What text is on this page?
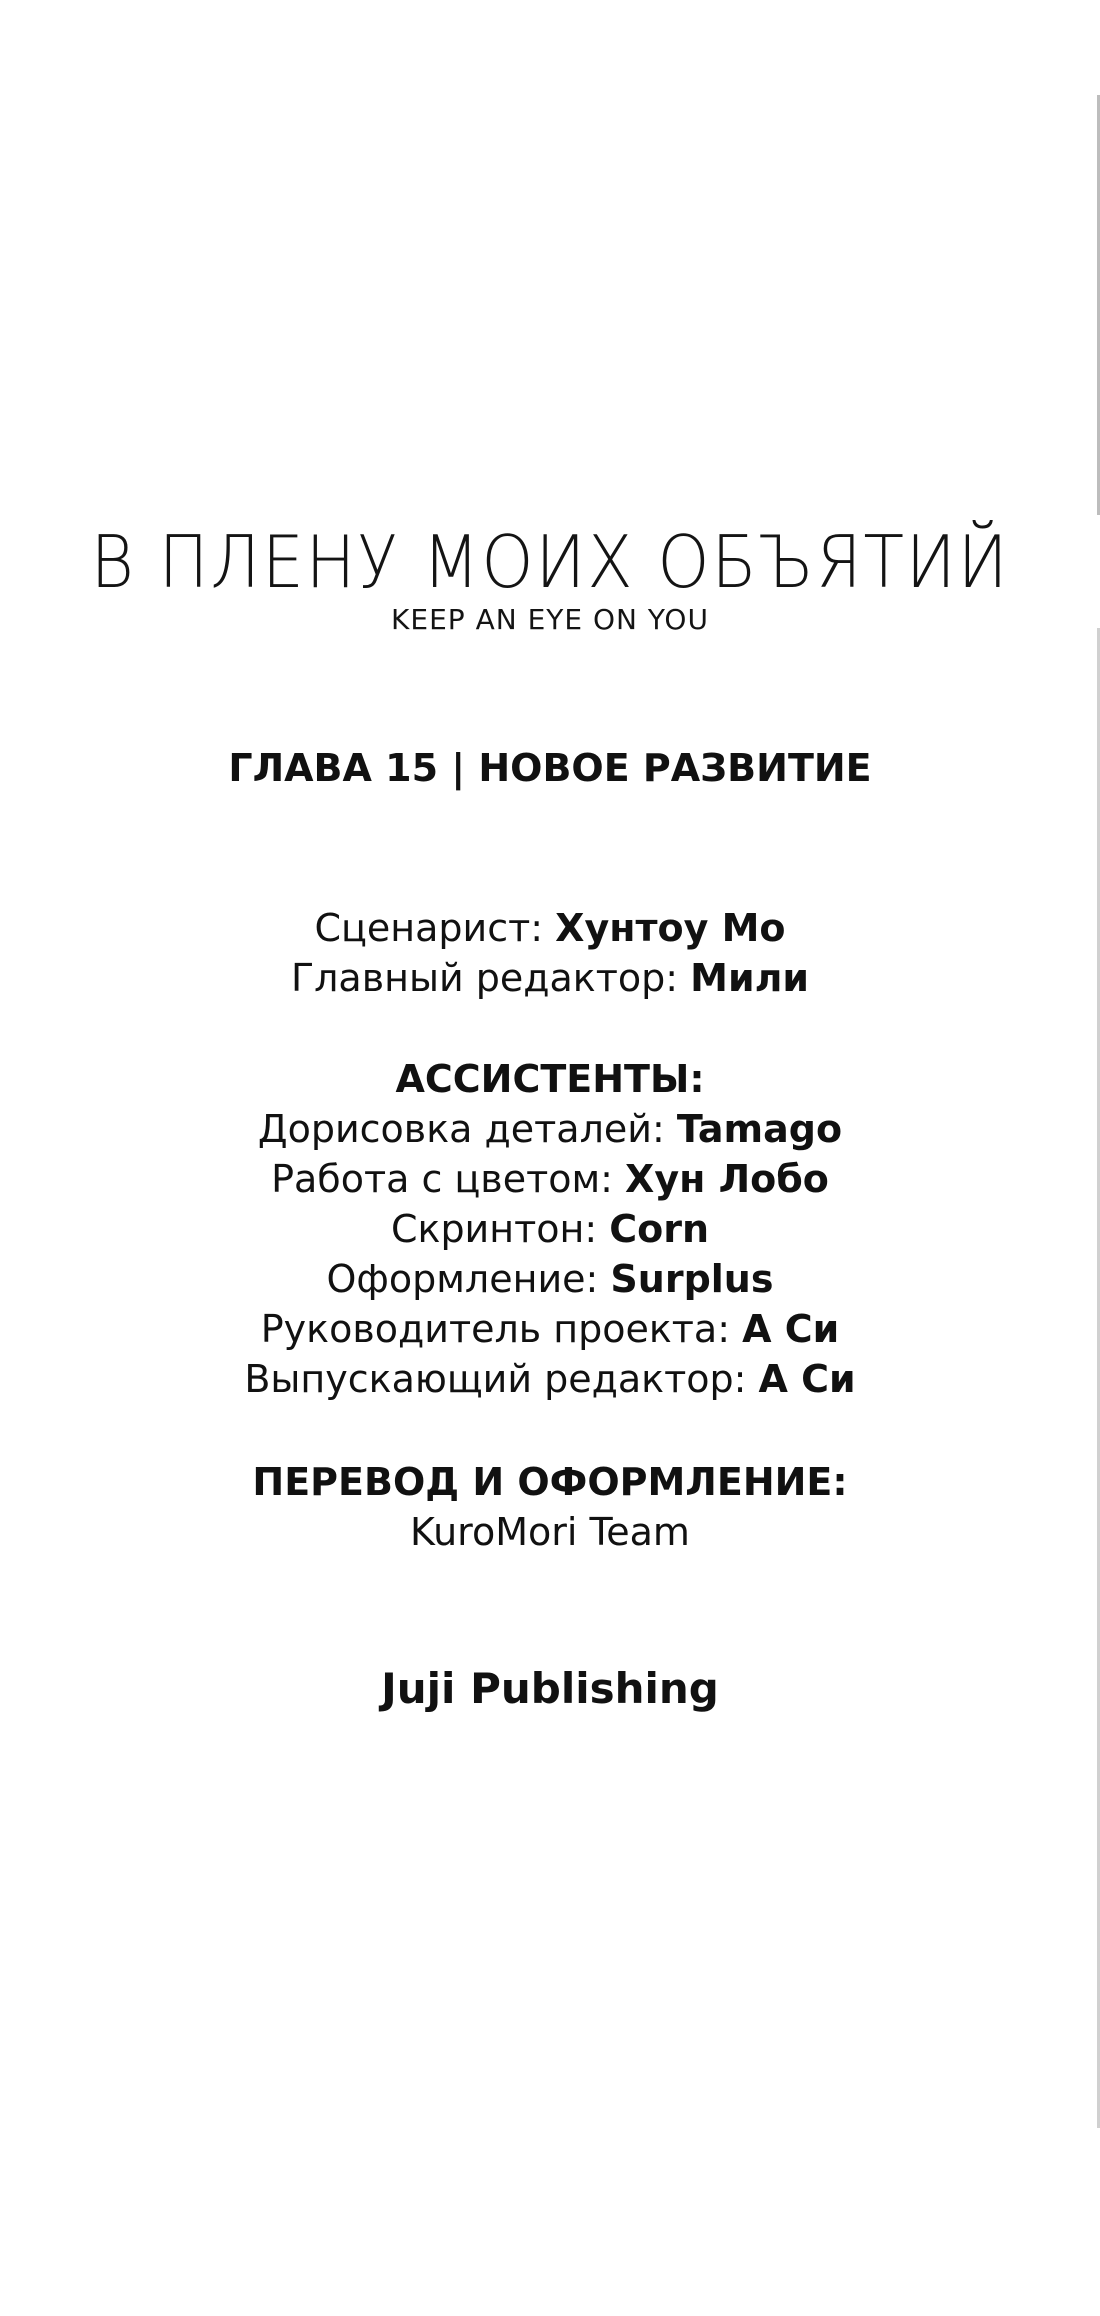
В ПЛЕНУ МОИХ ОБЪЯТИЙ
KEEP AN EYE ON YOU
ГЛАВА 15 | НОВОЕ РАЗВИТИЕ
Сценарист: Хунтоу Мо
Главный редактор: Мили
АССИСТЕНТЫ:
Дорисовка деталей: Tamago
Работа с цветом: Хун Лобо
Скринтон: Corn
Оформление: Surplus
Руководитель проекта: А Си
Выпускающий редактор: А Си
ПЕРЕВОД И ОФОРМЛЕНИЕ:
KuroMori Team
Juji Publishing
